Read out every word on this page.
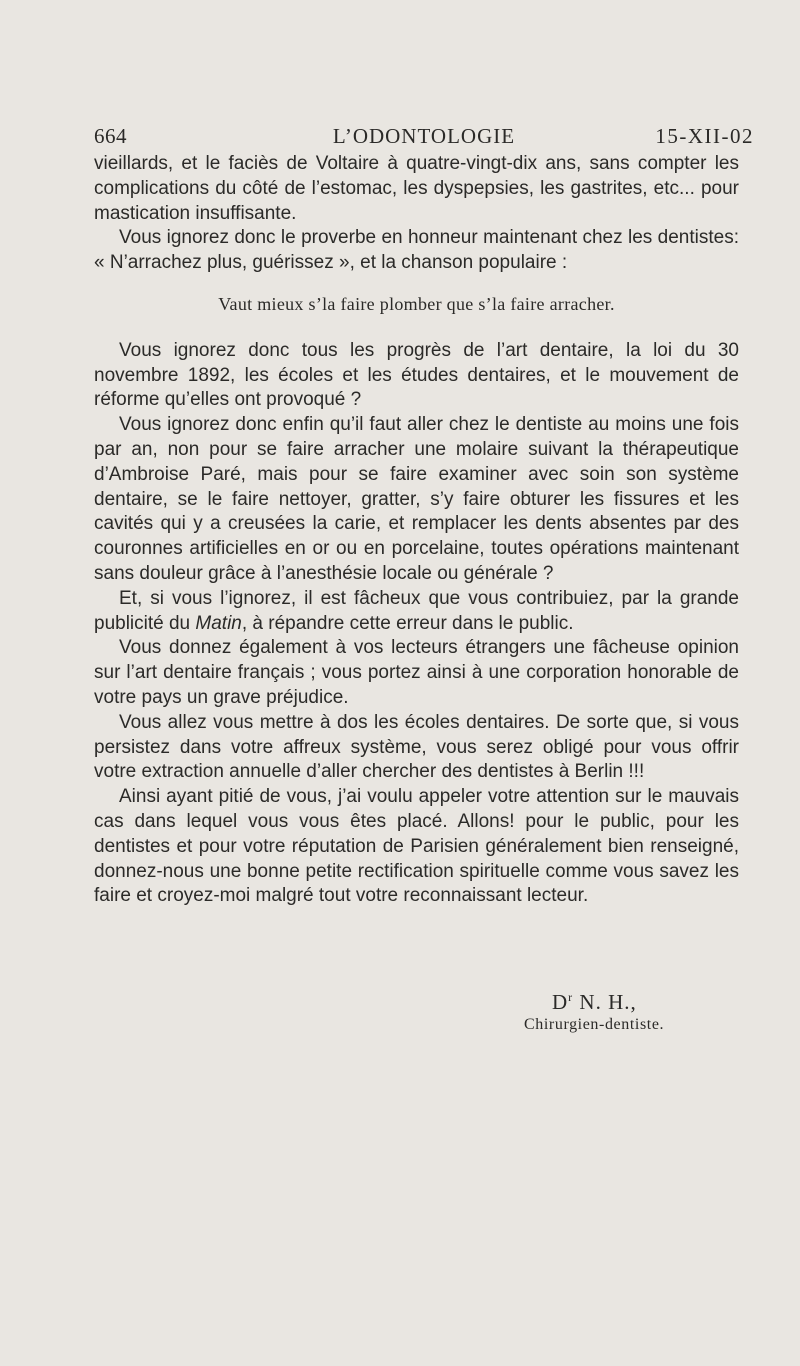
664	L’ODONTOLOGIE	15-XII-02

vieillards, et le faciès de Voltaire à quatre-vingt-dix ans, sans compter les complications du côté de l’estomac, les dyspepsies, les gastrites, etc... pour mastication insuffisante.

Vous ignorez donc le proverbe en honneur maintenant chez les dentistes: « N’arrachez plus, guérissez », et la chanson populaire :

Vaut mieux s’la faire plomber que s’la faire arracher.

Vous ignorez donc tous les progrès de l’art dentaire, la loi du 30 novembre 1892, les écoles et les études dentaires, et le mouvement de réforme qu’elles ont provoqué ?

Vous ignorez donc enfin qu’il faut aller chez le dentiste au moins une fois par an, non pour se faire arracher une molaire suivant la thérapeutique d’Ambroise Paré, mais pour se faire examiner avec soin son système dentaire, se le faire nettoyer, gratter, s’y faire obturer les fissures et les cavités qui y a creusées la carie, et remplacer les dents absentes par des couronnes artificielles en or ou en porcelaine, toutes opérations maintenant sans douleur grâce à l’anesthésie locale ou générale ?

Et, si vous l’ignorez, il est fâcheux que vous contribuiez, par la grande publicité du Matin, à répandre cette erreur dans le public.

Vous donnez également à vos lecteurs étrangers une fâcheuse opinion sur l’art dentaire français ; vous portez ainsi à une corporation honorable de votre pays un grave préjudice.

Vous allez vous mettre à dos les écoles dentaires. De sorte que, si vous persistez dans votre affreux système, vous serez obligé pour vous offrir votre extraction annuelle d’aller chercher des dentistes à Berlin !!!

Ainsi ayant pitié de vous, j’ai voulu appeler votre attention sur le mauvais cas dans lequel vous vous êtes placé. Allons! pour le public, pour les dentistes et pour votre réputation de Parisien généralement bien renseigné, donnez-nous une bonne petite rectification spirituelle comme vous savez les faire et croyez-moi malgré tout votre reconnaissant lecteur.

$D^r$ N. H.,
Chirurgien-dentiste.
